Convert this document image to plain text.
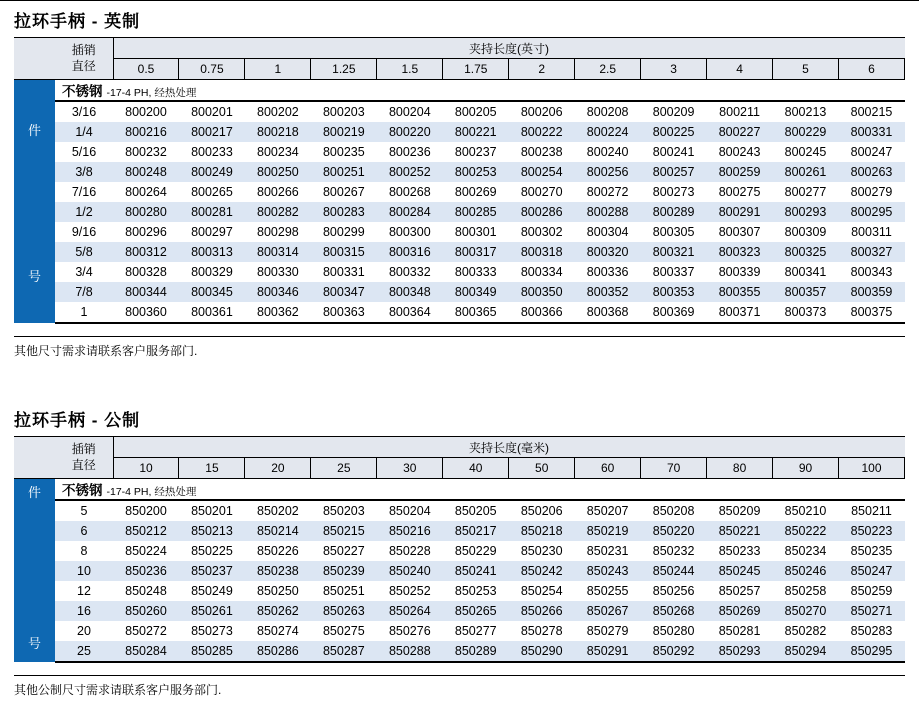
拉环手柄 - 英制
插销
直径		夹持长度(英寸)											
		0.5	0.75	1	1.25	1.5	1.75	2	2.5	3	4	5	6

件
号	不锈钢 -17-4 PH, 经热处理												
	3/16	800200	800201	800202	800203	800204	800205	800206	800208	800209	800211	800213	800215
	1/4	800216	800217	800218	800219	800220	800221	800222	800224	800225	800227	800229	800331
	5/16	800232	800233	800234	800235	800236	800237	800238	800240	800241	800243	800245	800247
	3/8	800248	800249	800250	800251	800252	800253	800254	800256	800257	800259	800261	800263
	7/16	800264	800265	800266	800267	800268	800269	800270	800272	800273	800275	800277	800279
	1/2	800280	800281	800282	800283	800284	800285	800286	800288	800289	800291	800293	800295
	9/16	800296	800297	800298	800299	800300	800301	800302	800304	800305	800307	800309	800311
	5/8	800312	800313	800314	800315	800316	800317	800318	800320	800321	800323	800325	800327
	3/4	800328	800329	800330	800331	800332	800333	800334	800336	800337	800339	800341	800343
	7/8	800344	800345	800346	800347	800348	800349	800350	800352	800353	800355	800357	800359
	1	800360	800361	800362	800363	800364	800365	800366	800368	800369	800371	800373	800375
其他尺寸需求请联系客户服务部门.
拉环手柄 - 公制
插销
直径		夹持长度(毫米)											
		10	15	20	25	30	40	50	60	70	80	90	100

件
号	不锈钢 -17-4 PH, 经热处理												
	5	850200	850201	850202	850203	850204	850205	850206	850207	850208	850209	850210	850211
	6	850212	850213	850214	850215	850216	850217	850218	850219	850220	850221	850222	850223
	8	850224	850225	850226	850227	850228	850229	850230	850231	850232	850233	850234	850235
	10	850236	850237	850238	850239	850240	850241	850242	850243	850244	850245	850246	850247
	12	850248	850249	850250	850251	850252	850253	850254	850255	850256	850257	850258	850259
	16	850260	850261	850262	850263	850264	850265	850266	850267	850268	850269	850270	850271
	20	850272	850273	850274	850275	850276	850277	850278	850279	850280	850281	850282	850283
	25	850284	850285	850286	850287	850288	850289	850290	850291	850292	850293	850294	850295
其他公制尺寸需求请联系客户服务部门.
